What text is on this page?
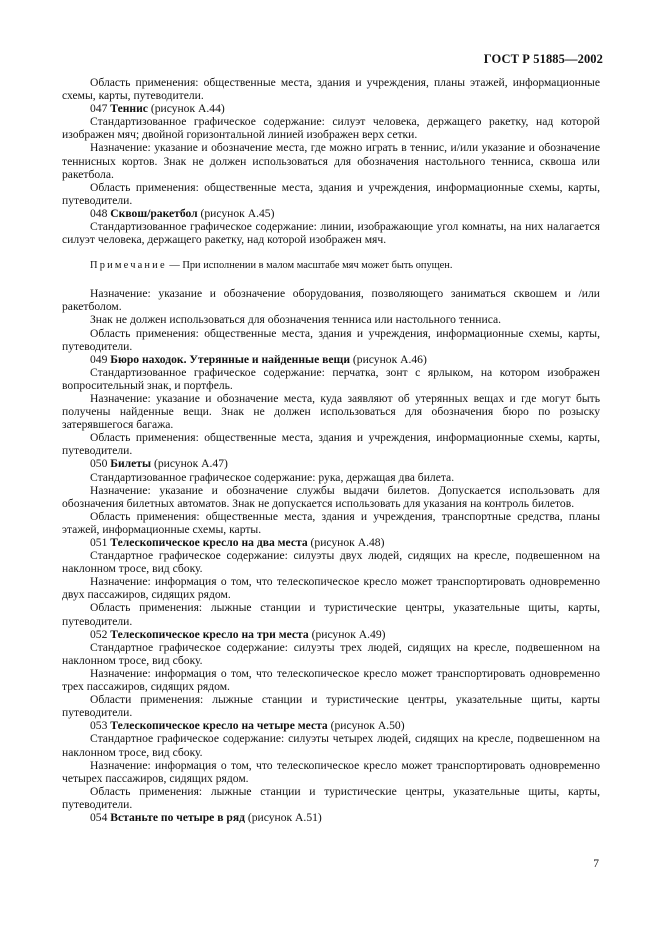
ГОСТ Р 51885—2002

Область применения: общественные места, здания и учреждения, планы этажей, информационные схемы, карты, путеводители.

047 Теннис (рисунок А.44)

Стандартизованное графическое содержание: силуэт человека, держащего ракетку, над которой изображен мяч; двойной горизонтальной линией изображен верх сетки.

Назначение: указание и обозначение места, где можно играть в теннис, и/или указание и обозначение теннисных кортов. Знак не должен использоваться для обозначения настольного тенниса, сквоша или ракетбола.

Область применения: общественные места, здания и учреждения, информационные схемы, карты, путеводители.

048 Сквош/ракетбол (рисунок А.45)

Стандартизованное графическое содержание: линии, изображающие угол комнаты, на них налагается силуэт человека, держащего ракетку, над которой изображен мяч.

Примечание — При исполнении в малом масштабе мяч может быть опущен.

Назначение: указание и обозначение оборудования, позволяющего заниматься сквошем и /или ракетболом.

Знак не должен использоваться для обозначения тенниса или настольного тенниса.

Область применения: общественные места, здания и учреждения, информационные схемы, карты, путеводители.

049 Бюро находок. Утерянные и найденные вещи (рисунок А.46)

Стандартизованное графическое содержание: перчатка, зонт с ярлыком, на котором изображен вопросительный знак, и портфель.

Назначение: указание и обозначение места, куда заявляют об утерянных вещах и где могут быть получены найденные вещи. Знак не должен использоваться для обозначения бюро по розыску затерявшегося багажа.

Область применения: общественные места, здания и учреждения, информационные схемы, карты, путеводители.

050 Билеты (рисунок А.47)

Стандартизованное графическое содержание: рука, держащая два билета.

Назначение: указание и обозначение службы выдачи билетов. Допускается использовать для обозначения билетных автоматов. Знак не допускается использовать для указания на контроль билетов.

Область применения: общественные места, здания и учреждения, транспортные средства, планы этажей, информационные схемы, карты.

051 Телескопическое кресло на два места (рисунок А.48)

Стандартное графическое содержание: силуэты двух людей, сидящих на кресле, подвешенном на наклонном тросе, вид сбоку.

Назначение: информация о том, что телескопическое кресло может транспортировать одновременно двух пассажиров, сидящих рядом.

Область применения: лыжные станции и туристические центры, указательные щиты, карты, путеводители.

052 Телескопическое кресло на три места (рисунок А.49)

Стандартное графическое содержание: силуэты трех людей, сидящих на кресле, подвешенном на наклонном тросе, вид сбоку.

Назначение: информация о том, что телескопическое кресло может транспортировать одновременно трех пассажиров, сидящих рядом.

Области применения: лыжные станции и туристические центры, указательные щиты, карты путеводители.

053 Телескопическое кресло на четыре места (рисунок А.50)

Стандартное графическое содержание: силуэты четырех людей, сидящих на кресле, подвешенном на наклонном тросе, вид сбоку.

Назначение: информация о том, что телескопическое кресло может транспортировать одновременно четырех пассажиров, сидящих рядом.

Область применения: лыжные станции и туристические центры, указательные щиты, карты, путеводители.

054 Встаньте по четыре в ряд (рисунок А.51)

7
